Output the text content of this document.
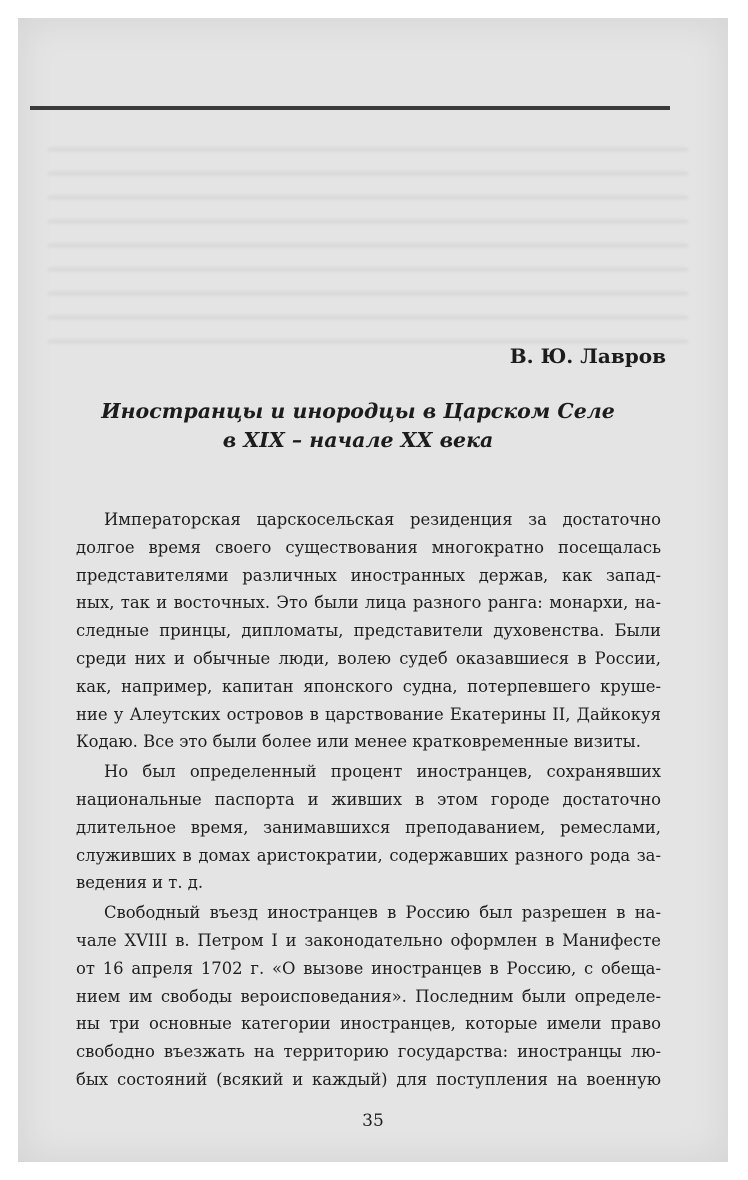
В. Ю. Лавров
Иностранцы и инородцы в Царском Селе
в XIX – начале XX века
Императорская царскосельская резиденция за достаточно
долгое время своего существования многократно посещалась
представителями различных иностранных держав, как запад-
ных, так и восточных. Это были лица разного ранга: монархи, на-
следные принцы, дипломаты, представители духовенства. Были
среди них и обычные люди, волею судеб оказавшиеся в России,
как, например, капитан японского судна, потерпевшего круше-
ние у Алеутских островов в царствование Екатерины II, Дайкокуя
Кодаю. Все это были более или менее кратковременные визиты.
Но был определенный процент иностранцев, сохранявших
национальные паспорта и живших в этом городе достаточно
длительное время, занимавшихся преподаванием, ремеслами,
служивших в домах аристократии, содержавших разного рода за-
ведения и т. д.
Свободный въезд иностранцев в Россию был разрешен в на-
чале XVIII в. Петром I и законодательно оформлен в Манифесте
от 16 апреля 1702 г. «О вызове иностранцев в Россию, с обеща-
нием им свободы вероисповедания». Последним были определе-
ны три основные категории иностранцев, которые имели право
свободно въезжать на территорию государства: иностранцы лю-
бых состояний (всякий и каждый) для поступления на военную
35
